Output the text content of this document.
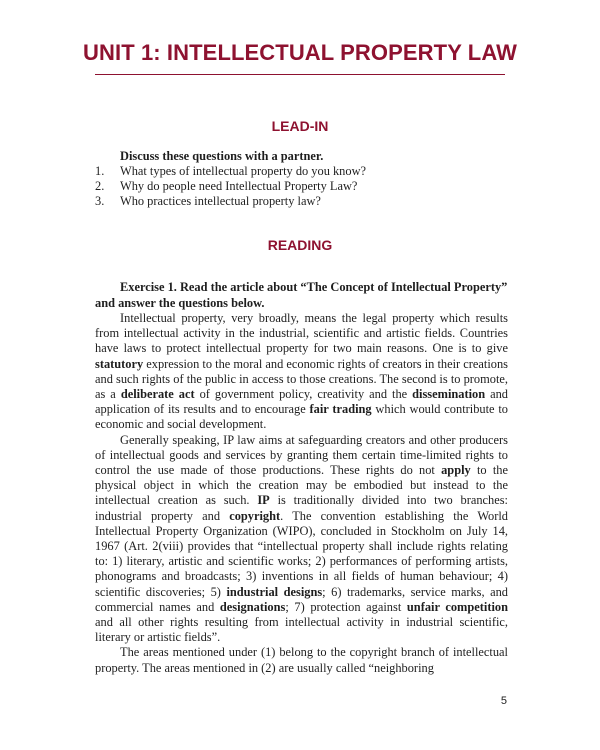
UNIT 1: INTELLECTUAL PROPERTY LAW
LEAD-IN

Discuss these questions with a partner.

1. What types of intellectual property do you know?
2. Why do people need Intellectual Property Law?
3. Who practices intellectual property law?
READING

Exercise 1. Read the article about “The Concept of Intellectual Property” and answer the questions below.

Intellectual property, very broadly, means the legal property which results from intellectual activity in the industrial, scientific and artistic fields. Countries have laws to protect intellectual property for two main reasons. One is to give statutory expression to the moral and economic rights of creators in their creations and such rights of the public in access to those creations. The second is to promote, as a deliberate act of government policy, creativity and the dissemination and application of its results and to encourage fair trading which would contribute to economic and social development.

Generally speaking, IP law aims at safeguarding creators and other producers of intellectual goods and services by granting them certain time-limited rights to control the use made of those productions. These rights do not apply to the physical object in which the creation may be embodied but instead to the intellectual creation as such. IP is traditionally divided into two branches: industrial property and copyright. The convention establishing the World Intellectual Property Organization (WIPO), concluded in Stockholm on July 14, 1967 (Art. 2(viii) provides that “intellectual property shall include rights relating to: 1) literary, artistic and scientific works; 2) performances of performing artists, phonograms and broadcasts; 3) inventions in all fields of human behaviour; 4) scientific discoveries; 5) industrial designs; 6) trademarks, service marks, and commercial names and designations; 7) protection against unfair competition and all other rights resulting from intellectual activity in industrial scientific, literary or artistic fields”.

The areas mentioned under (1) belong to the copyright branch of intellectual property. The areas mentioned in (2) are usually called “neighboring

5
